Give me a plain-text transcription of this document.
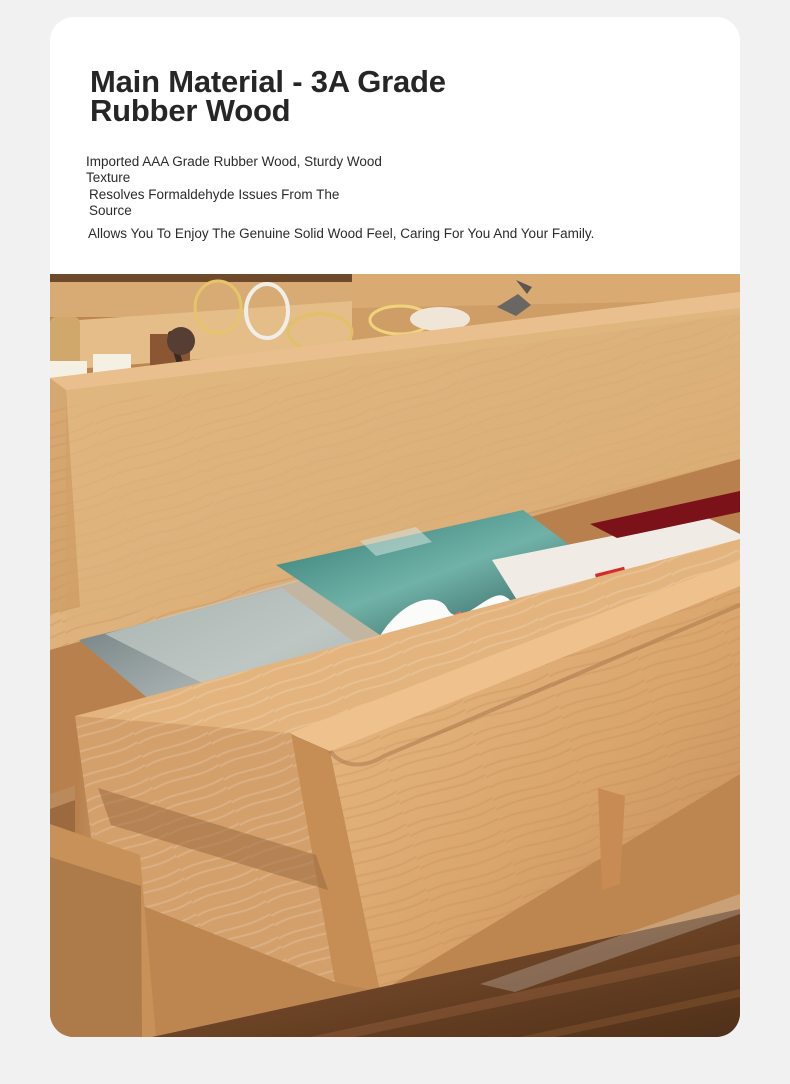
Main Material - 3A Grade Rubber Wood

Imported AAA Grade Rubber Wood, Sturdy Wood Texture

Resolves Formaldehyde Issues From The Source

Allows You To Enjoy The Genuine Solid Wood Feel, Caring For You And Your Family.
